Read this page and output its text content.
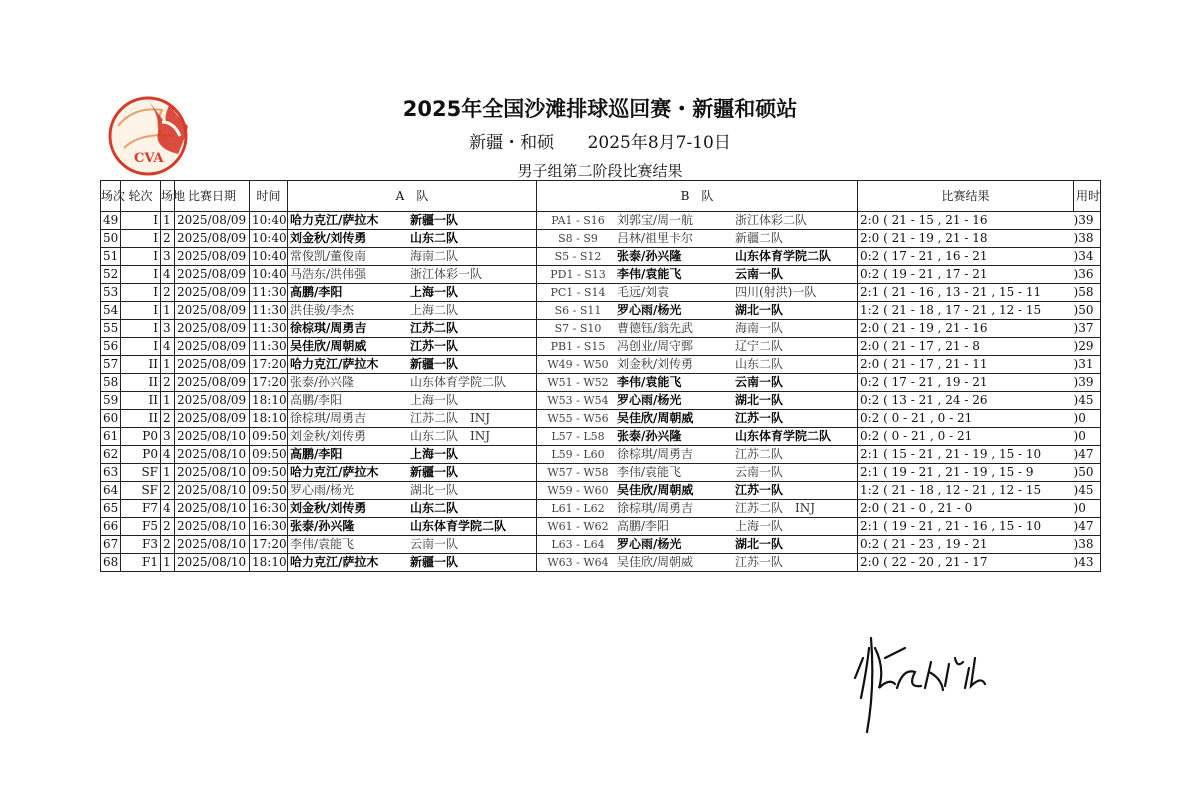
CVA
2025年全国沙滩排球巡回赛・新疆和硕站
新疆・和硕 2025年8月7-10日
男子组第二阶段比赛结果
场次	轮次	场地	比赛日期	时间	A　队	B　队	比赛结果	用时
49	I	1	2025/08/09	10:40	哈力克江/萨拉木 新疆一队	PA1 - S16 刘郭宝/周一航 浙江体彩二队	2:0 ( 21 - 15 , 21 - 16	)39
50	I	2	2025/08/09	10:40	刘金秋/刘传勇 山东二队	S8 - S9 吕林/祖里卡尔 新疆二队	2:0 ( 21 - 19 , 21 - 18	)38
51	I	3	2025/08/09	10:40	常俊凯/董俊南 海南二队	S5 - S12 张泰/孙兴隆 山东体育学院二队	0:2 ( 17 - 21 , 16 - 21	)34
52	I	4	2025/08/09	10:40	马浩东/洪伟强 浙江体彩一队	PD1 - S13 李伟/袁能飞 云南一队	0:2 ( 19 - 21 , 17 - 21	)36
53	I	2	2025/08/09	11:30	高鹏/李阳 上海一队	PC1 - S14 毛远/刘袁 四川(射洪)一队	2:1 ( 21 - 16 , 13 - 21 , 15 - 11	)58
54	I	1	2025/08/09	11:30	洪佳骏/李杰 上海二队	S6 - S11 罗心雨/杨光 湖北一队	1:2 ( 21 - 18 , 17 - 21 , 12 - 15	)50
55	I	3	2025/08/09	11:30	徐棕琪/周勇吉 江苏二队	S7 - S10 曹德钰/翁先武 海南一队	2:0 ( 21 - 19 , 21 - 16	)37
56	I	4	2025/08/09	11:30	吴佳欣/周朝威 江苏一队	PB1 - S15 冯创业/周守鄄 辽宁二队	2:0 ( 21 - 17 , 21 - 8	)29
57	II	1	2025/08/09	17:20	哈力克江/萨拉木 新疆一队	W49 - W50 刘金秋/刘传勇 山东二队	2:0 ( 21 - 17 , 21 - 11	)31
58	II	2	2025/08/09	17:20	张泰/孙兴隆 山东体育学院二队	W51 - W52 李伟/袁能飞 云南一队	0:2 ( 17 - 21 , 19 - 21	)39
59	II	1	2025/08/09	18:10	高鹏/李阳 上海一队	W53 - W54 罗心雨/杨光 湖北一队	0:2 ( 13 - 21 , 24 - 26	)45
60	II	2	2025/08/09	18:10	徐棕琪/周勇吉 江苏二队　INJ	W55 - W56 吴佳欣/周朝威 江苏一队	0:2 ( 0 - 21 , 0 - 21	)0
61	P0	3	2025/08/10	09:50	刘金秋/刘传勇 山东二队　INJ	L57 - L58 张泰/孙兴隆 山东体育学院二队	0:2 ( 0 - 21 , 0 - 21	)0
62	P0	4	2025/08/10	09:50	高鹏/李阳 上海一队	L59 - L60 徐棕琪/周勇吉 江苏二队	2:1 ( 15 - 21 , 21 - 19 , 15 - 10	)47
63	SF	1	2025/08/10	09:50	哈力克江/萨拉木 新疆一队	W57 - W58 李伟/袁能飞 云南一队	2:1 ( 19 - 21 , 21 - 19 , 15 - 9	)50
64	SF	2	2025/08/10	09:50	罗心雨/杨光 湖北一队	W59 - W60 吴佳欣/周朝威 江苏一队	1:2 ( 21 - 18 , 12 - 21 , 12 - 15	)45
65	F7	4	2025/08/10	16:30	刘金秋/刘传勇 山东二队	L61 - L62 徐棕琪/周勇吉 江苏二队　INJ	2:0 ( 21 - 0 , 21 - 0	)0
66	F5	2	2025/08/10	16:30	张泰/孙兴隆 山东体育学院二队	W61 - W62 高鹏/李阳 上海一队	2:1 ( 19 - 21 , 21 - 16 , 15 - 10	)47
67	F3	2	2025/08/10	17:20	李伟/袁能飞 云南一队	L63 - L64 罗心雨/杨光 湖北一队	0:2 ( 21 - 23 , 19 - 21	)38
68	F1	1	2025/08/10	18:10	哈力克江/萨拉木 新疆一队	W63 - W64 吴佳欣/周朝威 江苏一队	2:0 ( 22 - 20 , 21 - 17	)43
